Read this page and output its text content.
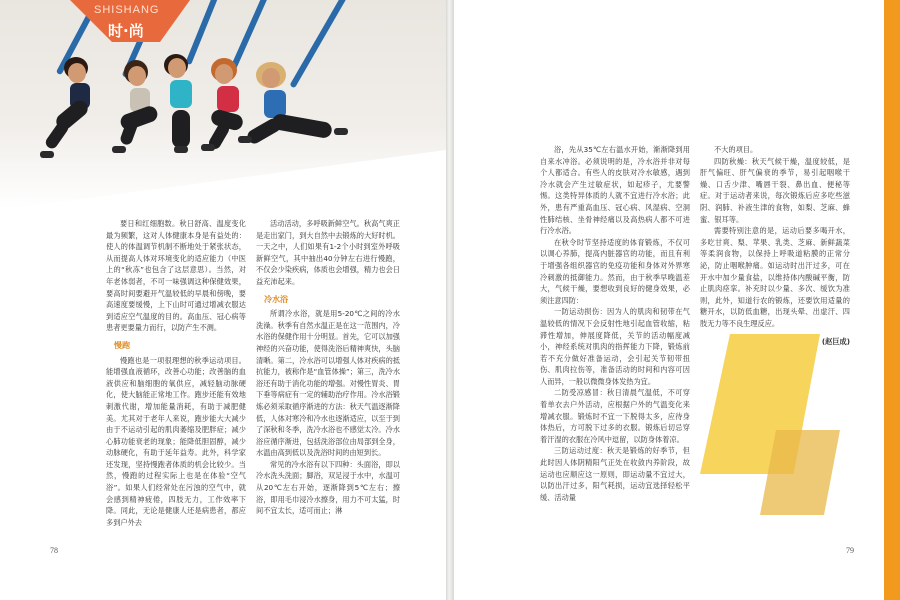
SHISHANG
时·尚

要日和红细胞数。秋日舒高、温度变化最为频繁，这对人体健康本身是有益处的：使人的体温调节机制不断地处于紧张状态，从而提高人体对环境变化的适应能力（中医上的“秋冻”也包含了这层意思）。当然，对年老体弱者，不可一味强调这种保健效果，要高时间要避开气温较低的早晨和傍晚，要高速度要缓慢，上下山时可通过增减衣服达到适应空气温度的目的。高血压、冠心病等患者更要量力而行，以防产生不测。

慢跑

慢跑也是一项很理想的秋季运动项目。能增强血液循环，改善心功能；改善脑的血液供应和脑细胞的氧供应，减轻脑动脉硬化，使大脑能正常地工作。跑步还能有效地刺激代谢，增加能量消耗，有助于减肥健美。尤其对于老年人来说，跑步能大大减少由于不运动引起的肌肉萎缩及肥胖症；减少心肺功能衰老的现象；能降低胆固醇，减少动脉硬化，有助于延年益寿。此外，科学家还发现，坚持慢跑者体质的机会比较少。当然，慢跑的过程实际上也是在体验“空气浴”。如果人们经常处在污浊的空气中，就会感到精神疲倦，四肢无力，工作效率下降。同此，无论是健康人还是病患者，都应多到户外去

活动活动，多呼吸新鲜空气。秋高气爽正是走出家门，到大自然中去锻炼的大好时机。一天之中，人们如果有1-2个小时到室外呼吸新鲜空气，其中抽出40分钟左右进行慢跑，不仅会少染疾病，体质也会增强，精力也会日益充沛起来。

冷水浴

所谓冷水浴，就是用5-20℃之间的冷水洗澡。秋季有自然水温正是在这一范围内，冷水浴的保健作用十分明显。首先，它可以加强神经的兴奋功能，使得洗浴后精神爽快，头脑清晰。第二，冷水浴可以增强人体对疾病的抵抗能力，被称作是“血管体操”；第三，洗冷水浴还有助于消化功能的增强。对慢性胃炎、胃下垂等病症有一定的辅助治疗作用。冷水浴锻炼必须采取循序渐进的方法：秋天气温逐渐降低，人体对寒冷和冷水也逐渐适应，以至于到了深秋和冬季，洗冷水浴也不感觉太冷。冷水浴应循序渐进，包括洗浴部位由局部到全身，水温由高到低以及洗浴时间的由短到长。

常见的冷水浴有以下四种：头面浴，即以冷水洗头洗面；脚浴，双足浸于水中，水温可从20℃左右开始，逐渐降到5℃左右；擦浴，即用毛巾浸冷水擦身，用力不可太猛，时间不宜太长，适可而止；淋

78

浴，先从35℃左右温水开始，渐渐降到用自来水冲浴。必须说明的是，冷水浴并非对每个人都适合。有些人的皮肤对冷水敏感，遇到冷水就会产生过敏症状，如起疹子，尤要警惕。这类特异体质的人就不宜进行冷水浴；此外，患有严重高血压、冠心病、风湿病、空洞性肺结核、坐骨神经痛以及高热病人都不可进行冷水浴。

在秋令时节坚持适度的体育锻炼，不仅可以调心养肺，提高内脏器官的功能，而且有利于增强各组织器官的免疫功能和身体对外界寒冷刺激的抵御能力。然而，由于秋季早晚温差大，气候干燥，要想收到良好的健身效果，必须注意四防：

一防运动损伤：因为人的肌肉和韧带在气温较低的情况下会反射性地引起血管收缩，粘滞性增加，伸展度降低，关节的活动幅度减小，神经系统对肌肉的指挥能力下降，锻炼前若不充分做好准备运动，会引起关节韧带扭伤、肌肉拉伤等，准备活动的时间和内容可因人而异，一般以微微身体发热为宜。

二防受凉感冒：秋日清晨气温低，不可穿着单衣去户外活动，应根据户外的气温变化来增减衣服。锻炼时不宜一下脱得太多，应待身体热后，方可脱下过多的衣服。锻炼后切忌穿着汗湿的衣服在冷风中逗留，以防身体着凉。

三防运动过度：秋天是锻炼的好季节，但此时因人体阴精阳气正处在收敛内养阶段，故运动也应顺应这一原则，即运动量不宜过大，以防出汗过多，阳气耗损，运动宜选择轻松平缓、活动量

不大的项目。

四防秋燥：秋天气候干燥，温度较低，是肝气偏旺、肝气偏衰的季节，易引起咽喉干燥、口舌少津、嘴唇干裂、鼻出血、便秘等症。对于运动者来说，每次锻炼后应多吃些滋阴、润肺、补液生津的食物，如梨、芝麻、蜂蜜、银耳等。

需要特别注意的是，运动后要多喝开水，多吃甘爽、梨、苹果、乳类、芝麻、新鲜蔬菜等柔润食物，以保持上呼吸道粘膜的正常分泌，防止咽喉肿痛。如运动时出汗过多，可在开水中加少量食盐，以维持体内酸碱平衡，防止肌肉痉挛。补充时以少量、多次、缓饮为准则，此外，知道行农的锻炼，还要饮用适量的糖开水，以防低血糖，出现头晕、出虚汗、四肢无力等不良生理反应。

(赵巨成)
79
